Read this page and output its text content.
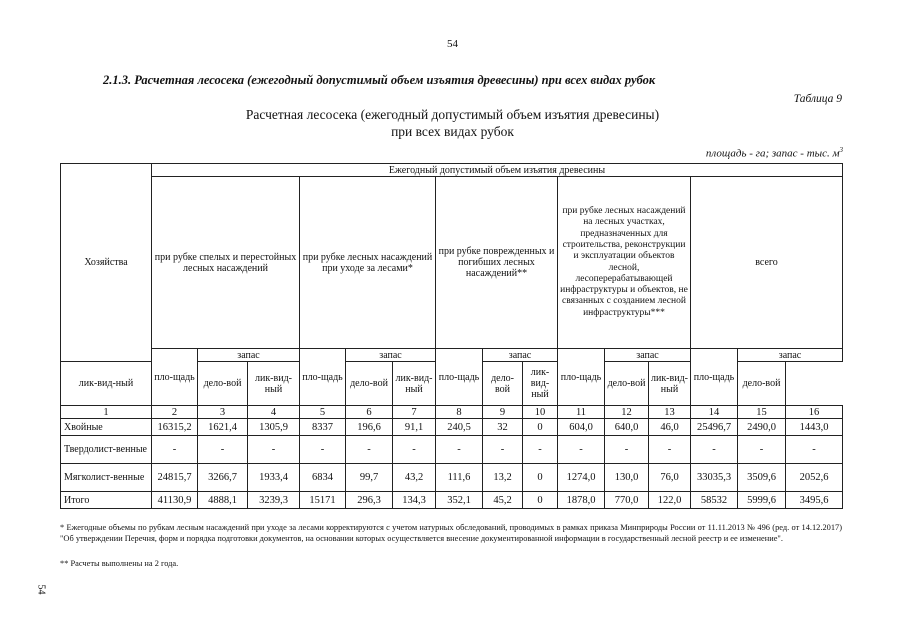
54
2.1.3. Расчетная лесосека (ежегодный допустимый объем изъятия древесины) при всех видах рубок
Таблица 9
Расчетная лесосека (ежегодный допустимый объем изъятия древесины)
при всех видах рубок
площадь - га; запас - тыс. $м^3$
Хозяйства	Ежегодный допустимый объем изъятия древесины														
	при рубке спелых и перестойных лесных насаждений			при рубке лесных насаждений при уходе за лесами*			при рубке поврежденных и погибших лесных насаждений**			при рубке лесных насаждений на лесных участках, предназначенных для строительства, реконструкции и эксплуатации объектов лесной, лесоперерабатывающей инфраструктуры и объектов, не связанных с созданием лесной инфраструктуры***			всего		
	пло-щадь	запас		пло-щадь	запас		пло-щадь	запас		пло-щадь	запас		пло-щадь	запас	
лик-вид-ный		дело-вой	лик-вид-ный		дело-вой	лик-вид-ный		дело-вой	лик-вид-ный		дело-вой	лик-вид-ный		дело-вой	
1	2	3	4	5	6	7	8	9	10	11	12	13	14	15	16
Хвойные	16315,2	1621,4	1305,9	8337	196,6	91,1	240,5	32	0	604,0	640,0	46,0	25496,7	2490,0	1443,0
Твердолист-венные	-	-	-	-	-	-	-	-	-	-	-	-	-	-	-
Мягколист-венные	24815,7	3266,7	1933,4	6834	99,7	43,2	111,6	13,2	0	1274,0	130,0	76,0	33035,3	3509,6	2052,6
Итого	41130,9	4888,1	3239,3	15171	296,3	134,3	352,1	45,2	0	1878,0	770,0	122,0	58532	5999,6	3495,6
* Ежегодные объемы по рубкам лесным насаждений при уходе за лесами корректируются с учетом натурных обследований, проводимых в рамках приказа Минприроды России от 11.11.2013 № 496 (ред. от 14.12.2017) "Об утверждении Перечня, форм и порядка подготовки документов, на основании которых осуществляется внесение документированной информации в государственный лесной реестр и ее изменение".
** Расчеты выполнены на 2 года.
54
